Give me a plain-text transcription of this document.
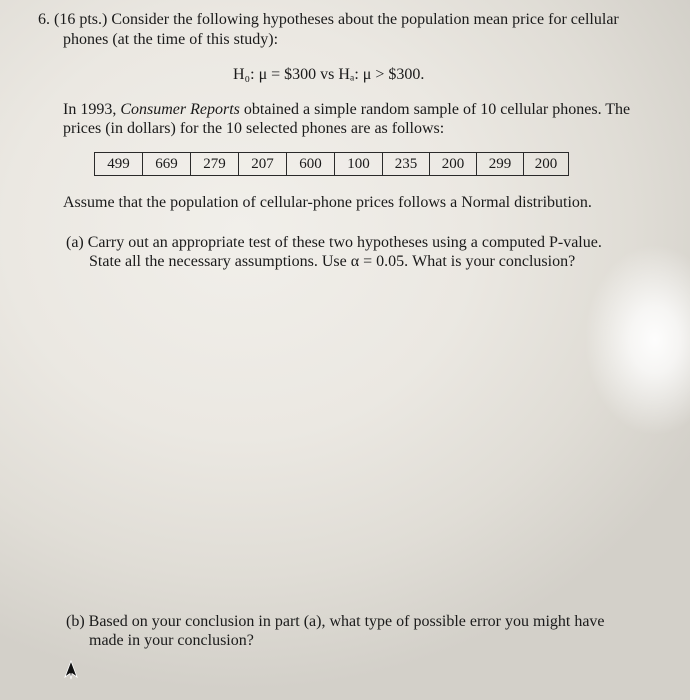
6. (16 pts.) Consider the following hypotheses about the population mean price for cellular
phones (at the time of this study):
H₀: μ = $300 vs Hₐ: μ > $300.
In 1993, Consumer Reports obtained a simple random sample of 10 cellular phones. The
prices (in dollars) for the 10 selected phones are as follows:
499	669	279	207	600	100	235	200	299	200
Assume that the population of cellular-phone prices follows a Normal distribution.
(a) Carry out an appropriate test of these two hypotheses using a computed P-value.
State all the necessary assumptions. Use α = 0.05. What is your conclusion?
(b) Based on your conclusion in part (a), what type of possible error you might have
made in your conclusion?
